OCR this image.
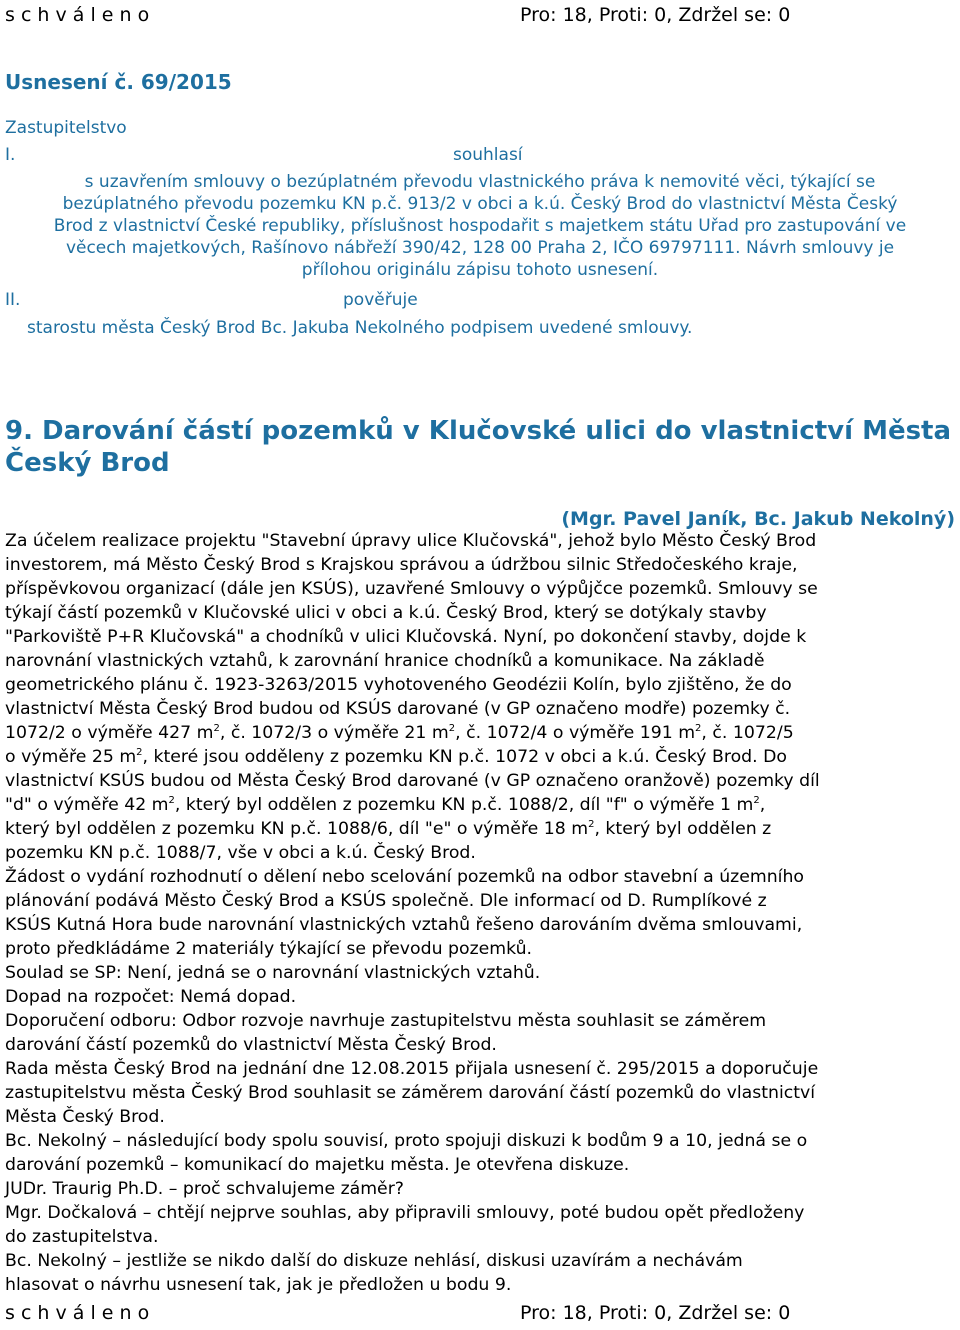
s c h v á l e n o	Pro: 18, Proti: 0, Zdržel se: 0
Usnesení č. 69/2015
Zastupitelstvo
I.	souhlasí
s uzavřením smlouvy o bezúplatném převodu vlastnického práva k nemovité věci, týkající se
bezúplatného převodu pozemku KN p.č. 913/2 v obci a k.ú. Český Brod do vlastnictví Města Český
Brod z vlastnictví České republiky, příslušnost hospodařit s majetkem státu Uřad pro zastupování ve
věcech majetkových, Rašínovo nábřeží 390/42, 128 00 Praha 2, IČO 69797111. Návrh smlouvy je
přílohou originálu zápisu tohoto usnesení.
II.	pověřuje
starostu města Český Brod Bc. Jakuba Nekolného podpisem uvedené smlouvy.
9. Darování částí pozemků v Klučovské ulici do vlastnictví Města Český Brod
(Mgr. Pavel Janík, Bc. Jakub Nekolný)
Za účelem realizace projektu "Stavební úpravy ulice Klučovská", jehož bylo Město Český Brod
investorem, má Město Český Brod s Krajskou správou a údržbou silnic Středočeského kraje,
příspěvkovou organizací (dále jen KSÚS), uzavřené Smlouvy o výpůjčce pozemků. Smlouvy se
týkají částí pozemků v Klučovské ulici v obci a k.ú. Český Brod, který se dotýkaly stavby
"Parkoviště P+R Klučovská" a chodníků v ulici Klučovská. Nyní, po dokončení stavby, dojde k
narovnání vlastnických vztahů, k zarovnání hranice chodníků a komunikace. Na základě
geometrického plánu č. 1923-3263/2015 vyhotoveného Geodézii Kolín, bylo zjištěno, že do
vlastnictví Města Český Brod budou od KSÚS darované (v GP označeno modře) pozemky č.
1072/2 o výměře 427 $m^2$, č. 1072/3 o výměře 21 $m^2$, č. 1072/4 o výměře 191 $m^2$, č. 1072/5
o výměře 25 $m^2$, které jsou odděleny z pozemku KN p.č. 1072 v obci a k.ú. Český Brod. Do
vlastnictví KSÚS budou od Města Český Brod darované (v GP označeno oranžově) pozemky díl
"d" o výměře 42 $m^2$, který byl oddělen z pozemku KN p.č. 1088/2, díl "f" o výměře 1 $m^2$,
který byl oddělen z pozemku KN p.č. 1088/6, díl "e" o výměře 18 $m^2$, který byl oddělen z
pozemku KN p.č. 1088/7, vše v obci a k.ú. Český Brod.
Žádost o vydání rozhodnutí o dělení nebo scelování pozemků na odbor stavební a územního
plánování podává Město Český Brod a KSÚS společně. Dle informací od D. Rumplíkové z
KSÚS Kutná Hora bude narovnání vlastnických vztahů řešeno darováním dvěma smlouvami,
proto předkládáme 2 materiály týkající se převodu pozemků.
Soulad se SP: Není, jedná se o narovnání vlastnických vztahů.
Dopad na rozpočet: Nemá dopad.
Doporučení odboru: Odbor rozvoje navrhuje zastupitelstvu města souhlasit se záměrem
darování částí pozemků do vlastnictví Města Český Brod.
Rada města Český Brod na jednání dne 12.08.2015 přijala usnesení č. 295/2015 a doporučuje
zastupitelstvu města Český Brod souhlasit se záměrem darování částí pozemků do vlastnictví
Města Český Brod.
Bc. Nekolný – následující body spolu souvisí, proto spojuji diskuzi k bodům 9 a 10, jedná se o
darování pozemků – komunikací do majetku města. Je otevřena diskuze.
JUDr. Traurig Ph.D. – proč schvalujeme záměr?
Mgr. Dočkalová – chtějí nejprve souhlas, aby připravili smlouvy, poté budou opět předloženy
do zastupitelstva.
Bc. Nekolný – jestliže se nikdo další do diskuze nehlásí, diskusi uzavírám a nechávám
hlasovat o návrhu usnesení tak, jak je předložen u bodu 9.
s c h v á l e n o	Pro: 18, Proti: 0, Zdržel se: 0
